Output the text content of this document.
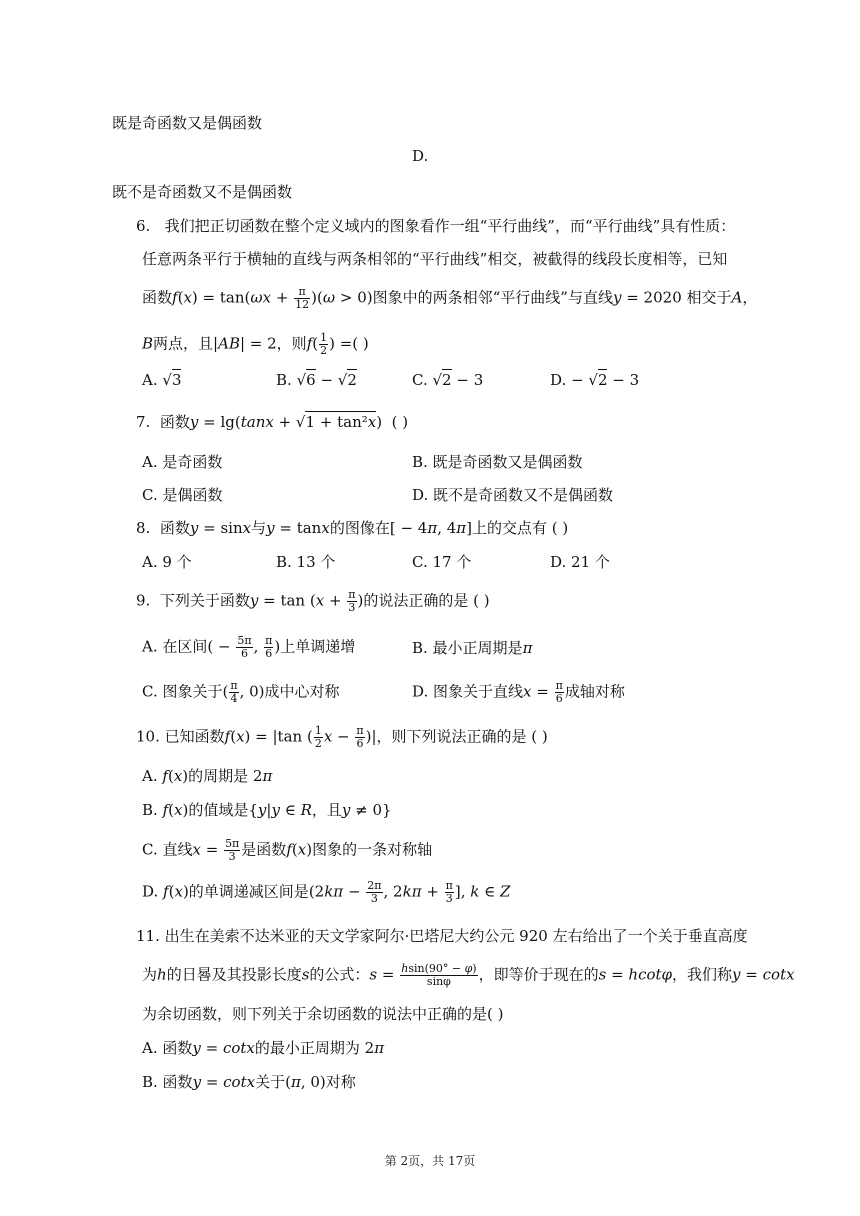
既是奇函数又是偶函数
D.
既不是奇函数又不是偶函数
6. 我们把正切函数在整个定义域内的图象看作一组“平行曲线”，而“平行曲线”具有性质：
任意两条平行于横轴的直线与两条相邻的“平行曲线”相交，被截得的线段长度相等，已知
函数$f(x) = \tan(\omega x + \frac{\pi}{12} )(\omega > 0)$图象中的两条相邻“平行曲线”与直线y = 2020 相交于A，
B两点，且|AB| = 2，则$f( \frac{1}{2}$ ) =( )
A. √3	B. √6 − √2	C. √2 − 3	D. − √2 − 3
7. 函数y = lg(tanx + √1 + tan²x)  ( )
A. 是奇函数	B. 既是奇函数又是偶函数
C. 是偶函数	D. 既不是奇函数又不是偶函数
8. 函数y = sinx与y = tanx的图像在[ − 4π, 4π]上的交点有 ( )
A. 9 个	B. 13 个	C. 17 个	D. 21 个
9. 下列关于函数$y = \tan (x + \frac{\pi}{3}$ )的说法正确的是 ( )
A. 在区间( − $\frac{5\pi}{6}$ , $\frac{\pi}{6}$ )上单调递增	B. 最小正周期是π
C. 图象关于( $\frac{\pi}{4}$ , 0)成中心对称	D. 图象关于直线$x = \frac{\pi}{6}$ 成轴对称
10. 已知函数f(x) = |tan ( $\frac{1}{2}$ $x - \frac{\pi}{6}$ )|，则下列说法正确的是 ( )
A. f(x)的周期是 2π
B. f(x)的值域是{y|y ∈ R，且y ≠ 0}
C. 直线$x = \frac{5\pi}{3}$ 是函数f(x)图象的一条对称轴
D. f(x)的单调递减区间是($2k\pi - \frac{2\pi}{3}$ , $2k\pi + \frac{\pi}{3}$ ], k ∈ Z
11. 出生在美索不达米亚的天文学家阿尔·巴塔尼大约公元 920 左右给出了一个关于垂直高度
为h的日晷及其投影长度s的公式：$s = \frac{hsin(90^\circ - \varphi)}{\sin\varphi}$ ，即等价于现在的s = hcotφ，我们称y = cotx
为余切函数，则下列关于余切函数的说法中正确的是( )
A. 函数y = cotx的最小正周期为 2π
B. 函数y = cotx关于(π, 0)对称
第 2页，共 17页
